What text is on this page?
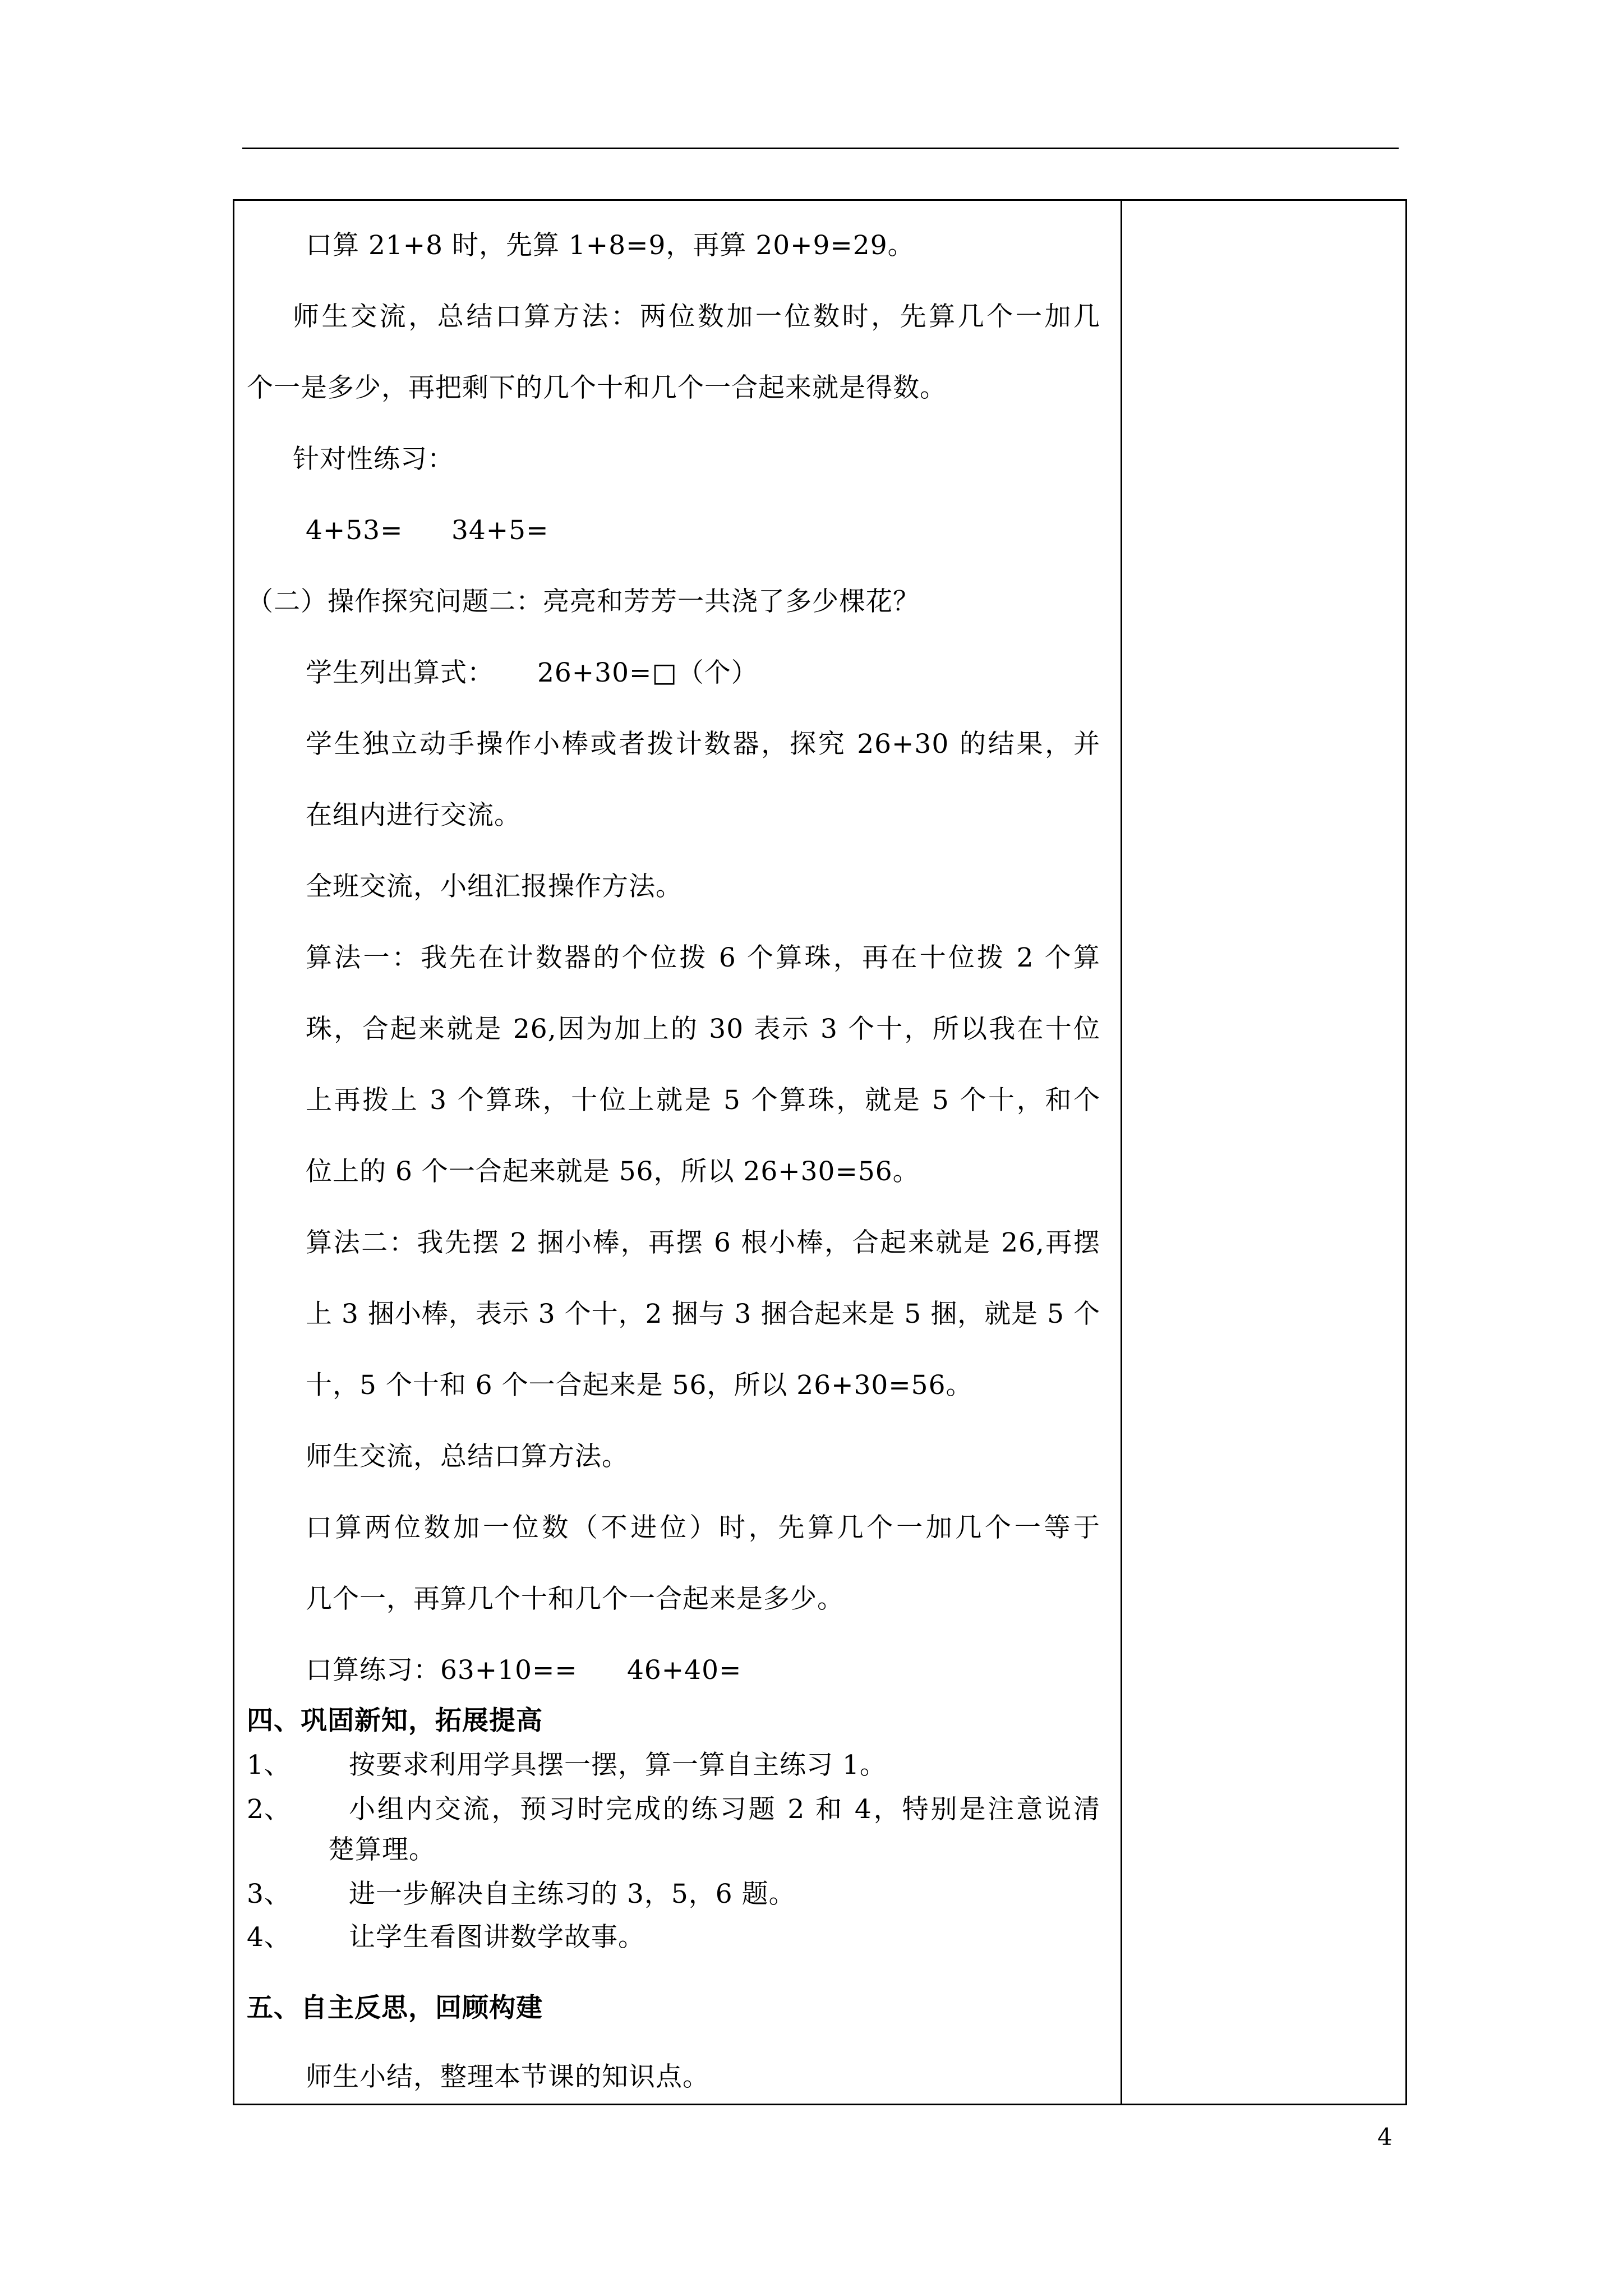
口算 21+8 时，先算 1+8=9，再算 20+9=29。
师生交流，总结口算方法：两位数加一位数时，先算几个一加几
个一是多少，再把剩下的几个十和几个一合起来就是得数。
针对性练习：
4+53= 34+5=
（二）操作探究问题二：亮亮和芳芳一共浇了多少棵花？
学生列出算式： 26+30=□（个）
学生独立动手操作小棒或者拨计数器，探究 26+30 的结果，并
在组内进行交流。
全班交流，小组汇报操作方法。
算法一：我先在计数器的个位拨 6 个算珠，再在十位拨 2 个算
珠，合起来就是 26,因为加上的 30 表示 3 个十，所以我在十位
上再拨上 3 个算珠，十位上就是 5 个算珠，就是 5 个十，和个
位上的 6 个一合起来就是 56，所以 26+30=56。
算法二：我先摆 2 捆小棒，再摆 6 根小棒，合起来就是 26,再摆
上 3 捆小棒，表示 3 个十，2 捆与 3 捆合起来是 5 捆，就是 5 个
十，5 个十和 6 个一合起来是 56，所以 26+30=56。
师生交流，总结口算方法。
口算两位数加一位数（不进位）时，先算几个一加几个一等于
几个一，再算几个十和几个一合起来是多少。
口算练习：63+10== 46+40=
四、巩固新知，拓展提高
1、 按要求利用学具摆一摆，算一算自主练习 1。
2、 小组内交流，预习时完成的练习题 2 和 4，特别是注意说清
楚算理。
3、 进一步解决自主练习的 3，5，6 题。
4、 让学生看图讲数学故事。
五、自主反思，回顾构建
师生小结，整理本节课的知识点。
4
